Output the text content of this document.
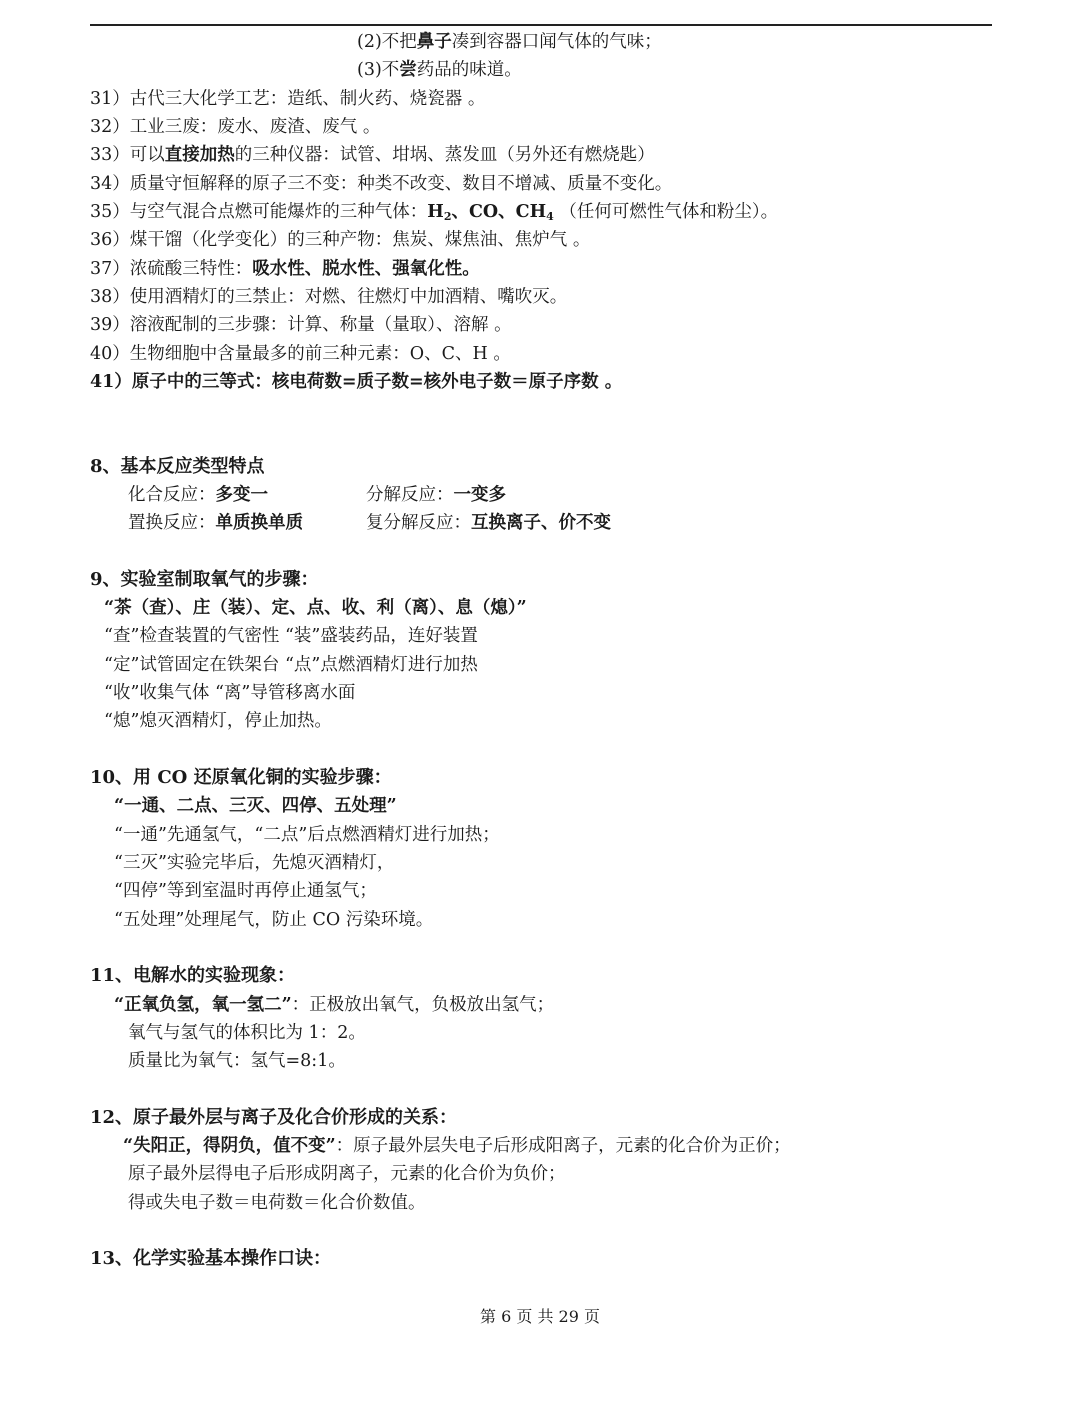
(2)不把鼻子凑到容器口闻气体的气味；
(3)不尝药品的味道。
31）古代三大化学工艺：造纸、制火药、烧瓷器 。
32）工业三废：废水、废渣、废气 。
33）可以直接加热的三种仪器：试管、坩埚、蒸发皿（另外还有燃烧匙）
34）质量守恒解释的原子三不变：种类不改变、数目不增减、质量不变化。
35）与空气混合点燃可能爆炸的三种气体：$H_2$、CO、$CH_4$ （任何可燃性气体和粉尘）。
36）煤干馏（化学变化）的三种产物：焦炭、煤焦油、焦炉气 。
37）浓硫酸三特性：吸水性、脱水性、强氧化性。
38）使用酒精灯的三禁止：对燃、往燃灯中加酒精、嘴吹灭。
39）溶液配制的三步骤：计算、称量（量取）、溶解 。
40）生物细胞中含量最多的前三种元素：O、C、H 。
41）原子中的三等式：核电荷数=质子数=核外电子数＝原子序数 。
8、基本反应类型特点
化合反应：多变一	分解反应：一变多
置换反应：单质换单质	复分解反应：互换离子、价不变
9、实验室制取氧气的步骤：
“茶（查）、庄（装）、定、点、收、利（离）、息（熄）”
“查”检查装置的气密性 “装”盛装药品，连好装置
“定”试管固定在铁架台 “点”点燃酒精灯进行加热
“收”收集气体 “离”导管移离水面
“熄”熄灭酒精灯，停止加热。
10、用 CO 还原氧化铜的实验步骤：
“一通、二点、三灭、四停、五处理”
“一通”先通氢气，“二点”后点燃酒精灯进行加热；
“三灭”实验完毕后，先熄灭酒精灯，
“四停”等到室温时再停止通氢气；
“五处理”处理尾气，防止 CO 污染环境。
11、电解水的实验现象：
“正氧负氢，氧一氢二”：正极放出氧气，负极放出氢气；
氧气与氢气的体积比为 1：2。
质量比为氧气：氢气=8:1。
12、原子最外层与离子及化合价形成的关系：
“失阳正，得阴负，值不变”：原子最外层失电子后形成阳离子，元素的化合价为正价；
原子最外层得电子后形成阴离子，元素的化合价为负价；
得或失电子数＝电荷数＝化合价数值。
13、化学实验基本操作口诀：
第 6 页 共 29 页
